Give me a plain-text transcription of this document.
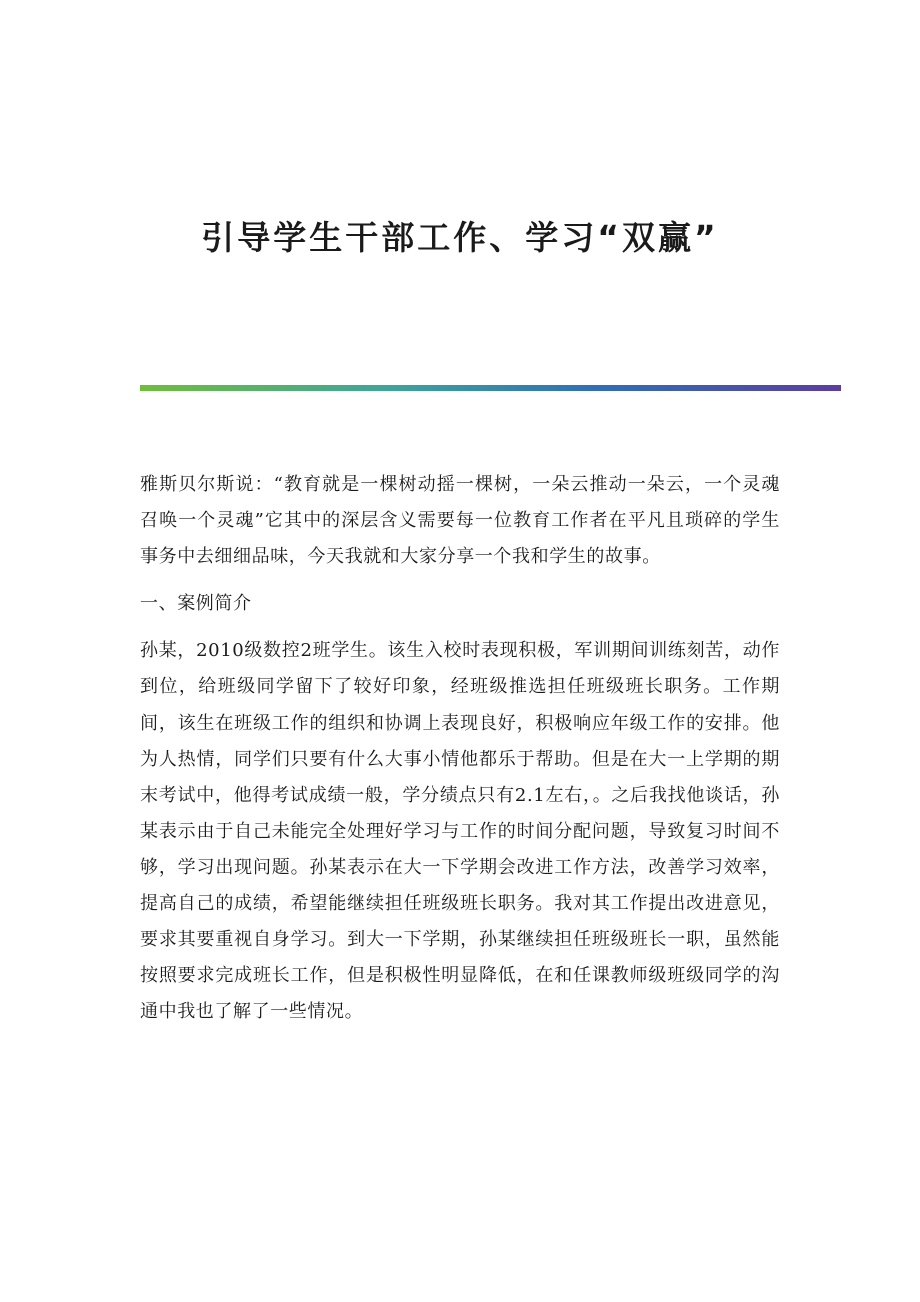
引导学生干部工作、学习“双赢”

雅斯贝尔斯说：“教育就是一棵树动摇一棵树，一朵云推动一朵云，一个灵魂召唤一个灵魂”它其中的深层含义需要每一位教育工作者在平凡且琐碎的学生事务中去细细品味，今天我就和大家分享一个我和学生的故事。

一、案例简介

孙某，2010级数控2班学生。该生入校时表现积极，军训期间训练刻苦，动作到位，给班级同学留下了较好印象，经班级推选担任班级班长职务。工作期间，该生在班级工作的组织和协调上表现良好，积极响应年级工作的安排。他为人热情，同学们只要有什么大事小情他都乐于帮助。但是在大一上学期的期末考试中，他得考试成绩一般，学分绩点只有2.1左右，。之后我找他谈话，孙某表示由于自己未能完全处理好学习与工作的时间分配问题，导致复习时间不够，学习出现问题。孙某表示在大一下学期会改进工作方法，改善学习效率，提高自己的成绩，希望能继续担任班级班长职务。我对其工作提出改进意见，要求其要重视自身学习。到大一下学期，孙某继续担任班级班长一职，虽然能按照要求完成班长工作，但是积极性明显降低，在和任课教师级班级同学的沟通中我也了解了一些情况。
